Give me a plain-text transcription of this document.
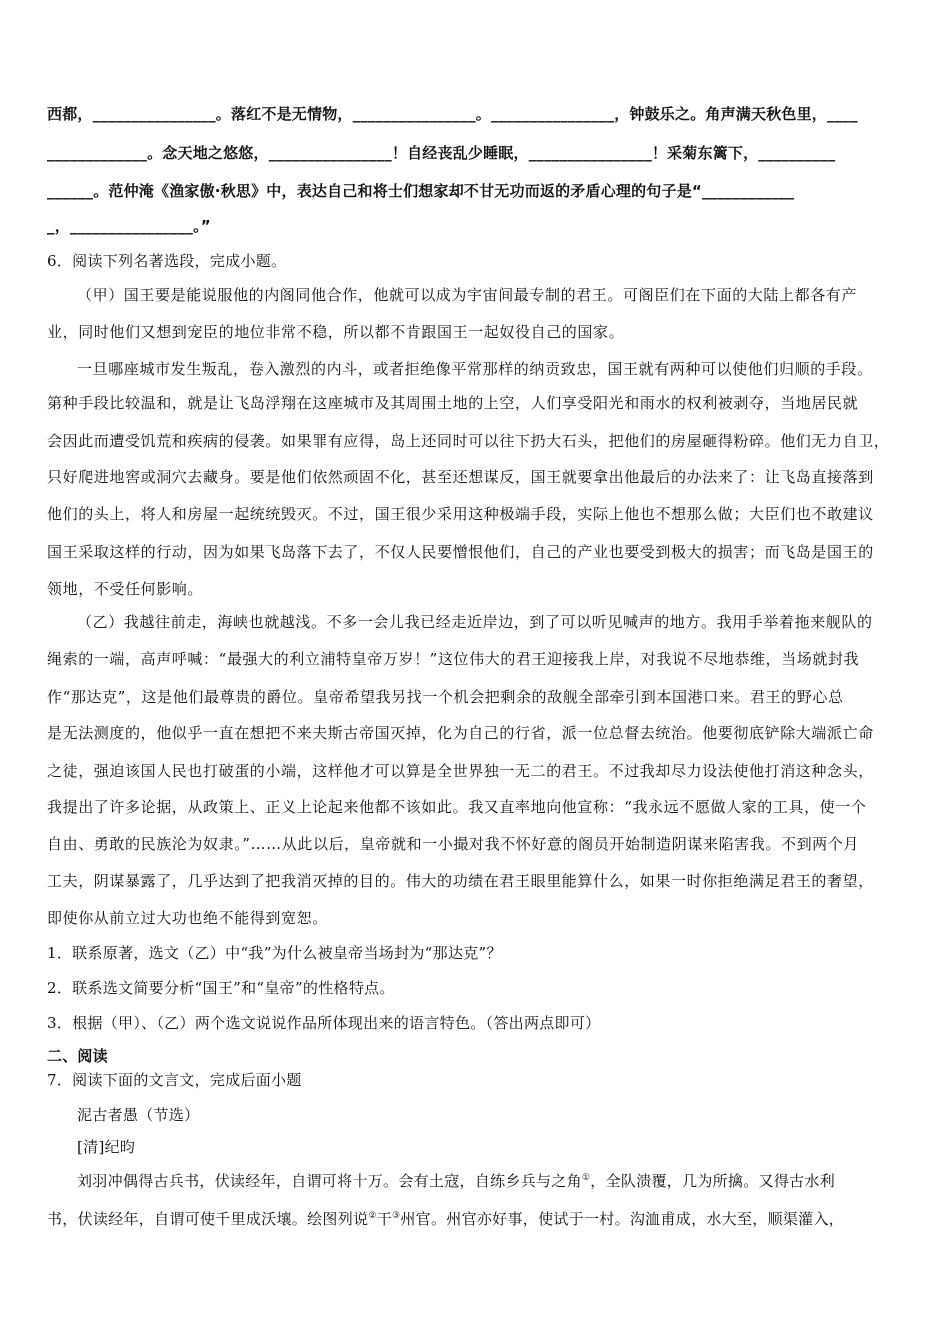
西都，________________。落红不是无情物，________________。________________，钟鼓乐之。角声满天秋色里，____
_____________。念天地之悠悠，________________！自经丧乱少睡眠，________________！采菊东篱下，__________
______。范仲淹《渔家傲·秋思》中，表达自己和将士们想家却不甘无功而返的矛盾心理的句子是“____________
_，________________。”
6．阅读下列名著选段，完成小题。
（甲）国王要是能说服他的内阁同他合作，他就可以成为宇宙间最专制的君王。可阁臣们在下面的大陆上都各有产
业，同时他们又想到宠臣的地位非常不稳，所以都不肯跟国王一起奴役自己的国家。
一旦哪座城市发生叛乱，卷入激烈的内斗，或者拒绝像平常那样的纳贡致忠，国王就有两种可以使他们归顺的手段。
第种手段比较温和，就是让飞岛浮翔在这座城市及其周围土地的上空，人们享受阳光和雨水的权利被剥夺，当地居民就
会因此而遭受饥荒和疾病的侵袭。如果罪有应得，岛上还同时可以往下扔大石头，把他们的房屋砸得粉碎。他们无力自卫，
只好爬进地窖或洞穴去藏身。要是他们依然顽固不化，甚至还想谋反，国王就要拿出他最后的办法来了：让飞岛直接落到
他们的头上，将人和房屋一起统统毁灭。不过，国王很少采用这种极端手段，实际上他也不想那么做；大臣们也不敢建议
国王采取这样的行动，因为如果飞岛落下去了，不仅人民要憎恨他们，自己的产业也要受到极大的损害；而飞岛是国王的
领地，不受任何影响。
（乙）我越往前走，海峡也就越浅。不多一会儿我已经走近岸边，到了可以听见喊声的地方。我用手举着拖来舰队的
绳索的一端，高声呼喊：“最强大的利立浦特皇帝万岁！”这位伟大的君王迎接我上岸，对我说不尽地恭维，当场就封我
作“那达克”，这是他们最尊贵的爵位。皇帝希望我另找一个机会把剩余的敌舰全部牵引到本国港口来。君王的野心总
是无法测度的，他似乎一直在想把不来夫斯古帝国灭掉，化为自己的行省，派一位总督去统治。他要彻底铲除大端派亡命
之徒，强迫该国人民也打破蛋的小端，这样他才可以算是全世界独一无二的君王。不过我却尽力设法使他打消这种念头，
我提出了许多论据，从政策上、正义上论起来他都不该如此。我又直率地向他宣称：“我永远不愿做人家的工具，使一个
自由、勇敢的民族沦为奴隶。”……从此以后，皇帝就和一小撮对我不怀好意的阁员开始制造阴谋来陷害我。不到两个月
工夫，阴谋暴露了，几乎达到了把我消灭掉的目的。伟大的功绩在君王眼里能算什么，如果一时你拒绝满足君王的奢望，
即使你从前立过大功也绝不能得到宽恕。
1．联系原著，选文（乙）中“我”为什么被皇帝当场封为“那达克”？
2．联系选文简要分析“国王”和“皇帝”的性格特点。
3．根据（甲）、（乙）两个选文说说作品所体现出来的语言特色。（答出两点即可）
二、阅读
7．阅读下面的文言文，完成后面小题
泥古者愚（节选）
[清]纪昀
刘羽冲偶得古兵书，伏读经年，自谓可将十万。会有土寇，自练乡兵与之角①，全队溃覆，几为所擒。又得古水利
书，伏读经年，自谓可使千里成沃壤。绘图列说②干③州官。州官亦好事，使试于一村。沟洫甫成，水大至，顺渠灌入，
